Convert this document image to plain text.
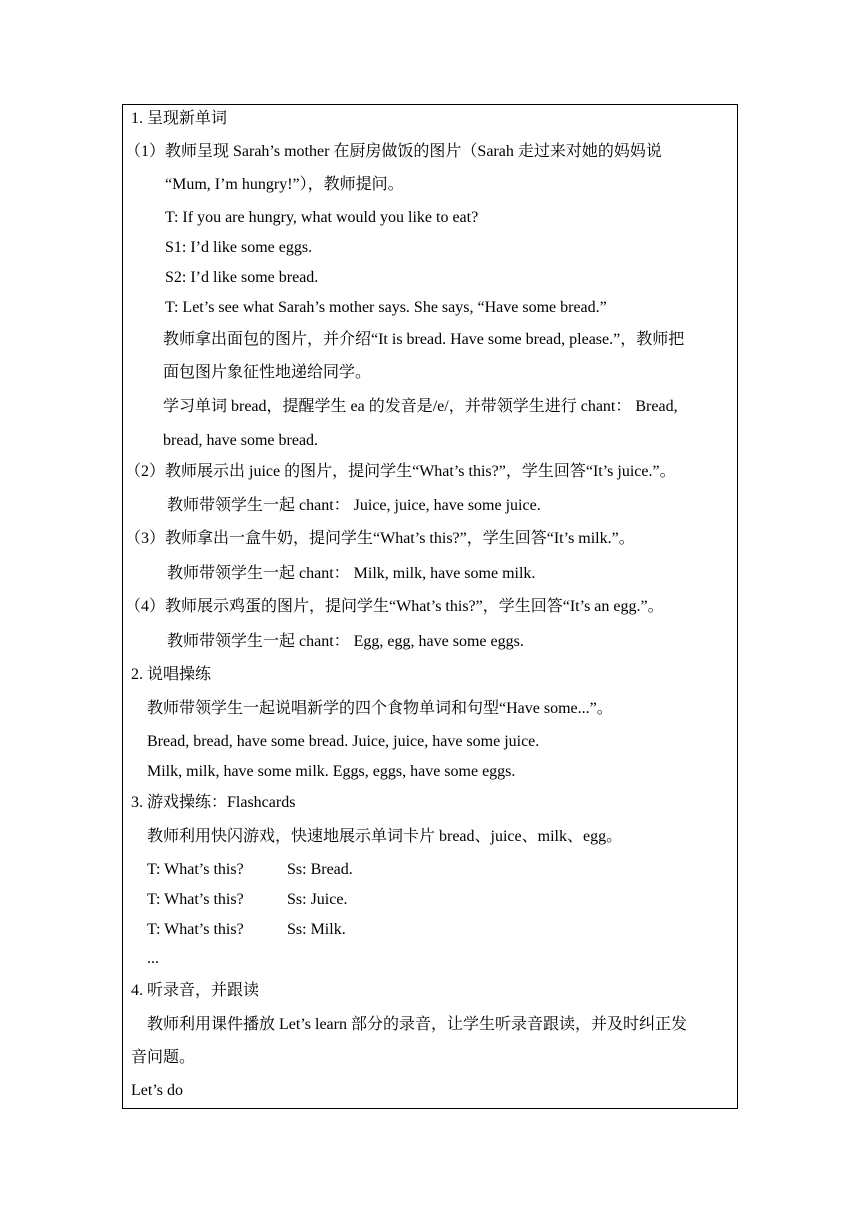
1. 呈现新单词
（1）教师呈现 Sarah’s mother 在厨房做饭的图片（Sarah 走过来对她的妈妈说
“Mum, I’m hungry!”），教师提问。
T: If you are hungry, what would you like to eat?
S1: I’d like some eggs.
S2: I’d like some bread.
T: Let’s see what Sarah’s mother says. She says, “Have some bread.”
教师拿出面包的图片，并介绍“It is bread. Have some bread, please.”，教师把
面包图片象征性地递给同学。
学习单词 bread，提醒学生 ea 的发音是/e/，并带领学生进行 chant： Bread,
bread, have some bread.
（2）教师展示出 juice 的图片，提问学生“What’s this?”，学生回答“It’s juice.”。
教师带领学生一起 chant： Juice, juice, have some juice.
（3）教师拿出一盒牛奶，提问学生“What’s this?”，学生回答“It’s milk.”。
教师带领学生一起 chant： Milk, milk, have some milk.
（4）教师展示鸡蛋的图片，提问学生“What’s this?”，学生回答“It’s an egg.”。
教师带领学生一起 chant： Egg, egg, have some eggs.
2. 说唱操练
教师带领学生一起说唱新学的四个食物单词和句型“Have some...”。
Bread, bread, have some bread. Juice, juice, have some juice.
Milk, milk, have some milk. Eggs, eggs, have some eggs.
3. 游戏操练：Flashcards
教师利用快闪游戏，快速地展示单词卡片 bread、juice、milk、egg。
T: What’s this?	Ss: Bread.
T: What’s this?	Ss: Juice.
T: What’s this?	Ss: Milk.
...
4. 听录音，并跟读
教师利用课件播放 Let’s learn 部分的录音，让学生听录音跟读，并及时纠正发
音问题。
Let’s do
